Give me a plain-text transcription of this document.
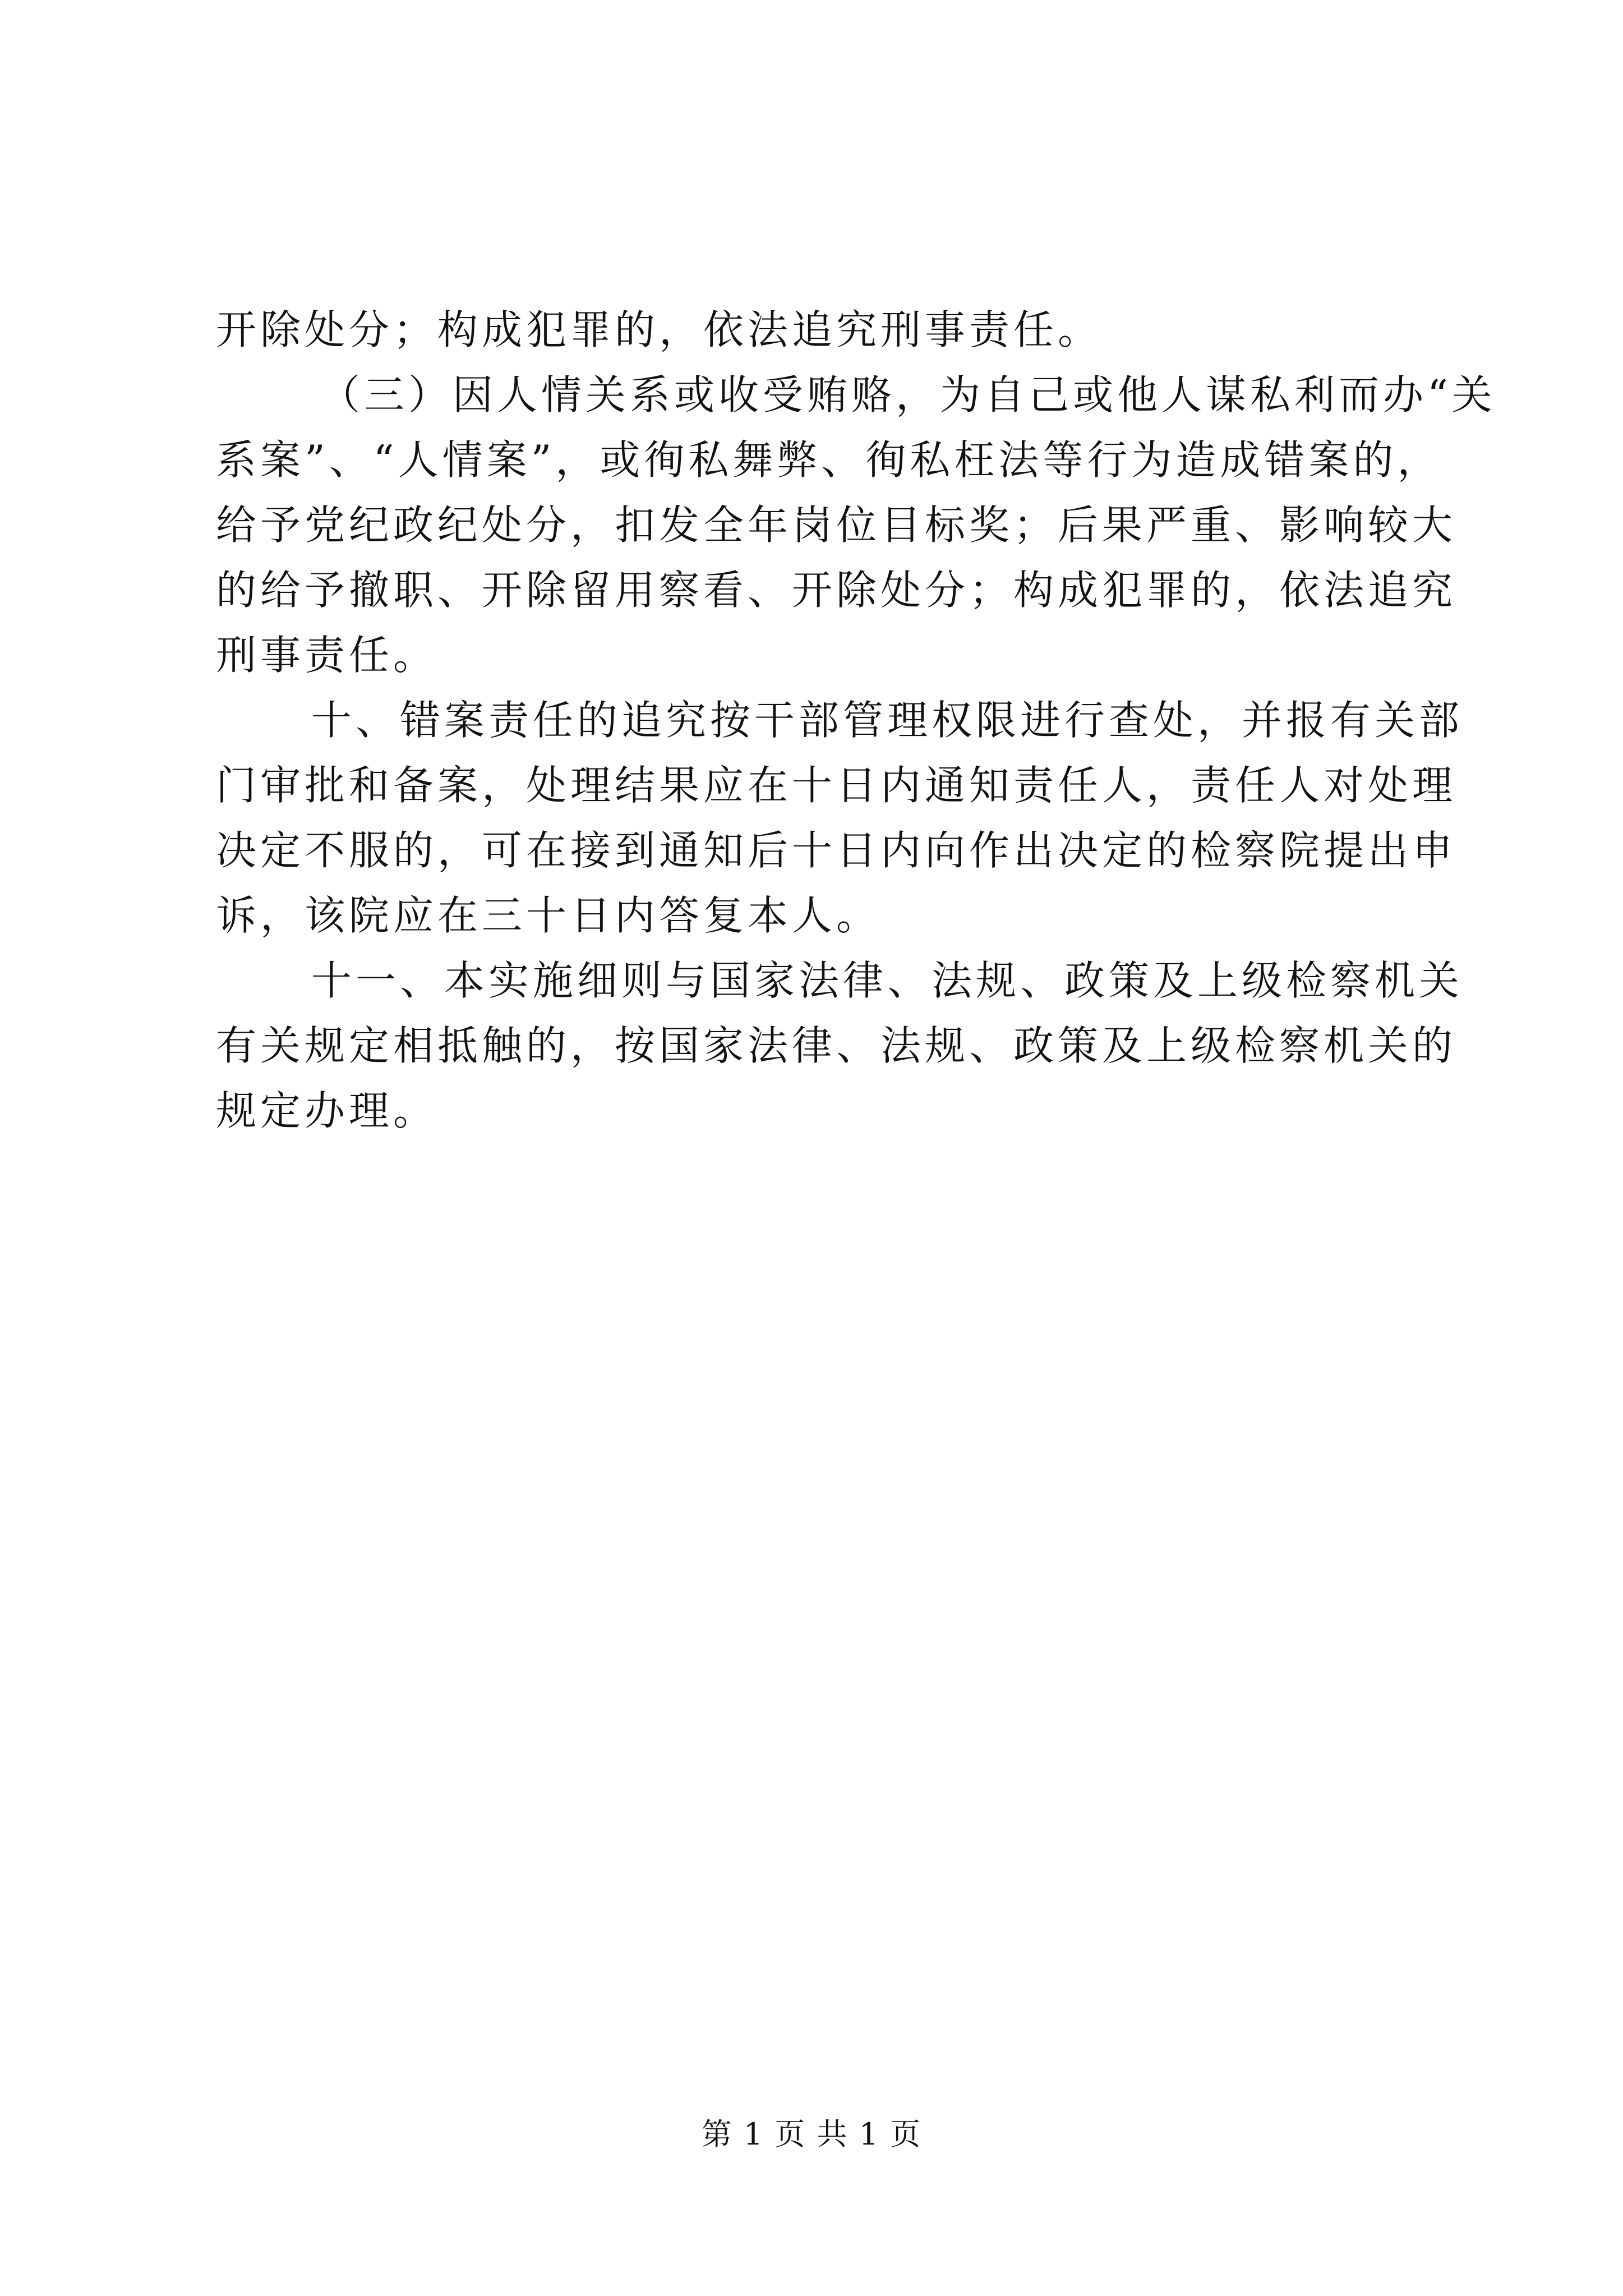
开除处分；构成犯罪的，依法追究刑事责任。
（三）因人情关系或收受贿赂，为自己或他人谋私利而办“关
系案”、“人情案”，或徇私舞弊、徇私枉法等行为造成错案的，
给予党纪政纪处分，扣发全年岗位目标奖；后果严重、影响较大
的给予撤职、开除留用察看、开除处分；构成犯罪的，依法追究
刑事责任。
十、错案责任的追究按干部管理权限进行查处，并报有关部
门审批和备案，处理结果应在十日内通知责任人，责任人对处理
决定不服的，可在接到通知后十日内向作出决定的检察院提出申
诉，该院应在三十日内答复本人。
十一、本实施细则与国家法律、法规、政策及上级检察机关
有关规定相抵触的，按国家法律、法规、政策及上级检察机关的
规定办理。
第 1 页 共 1 页
